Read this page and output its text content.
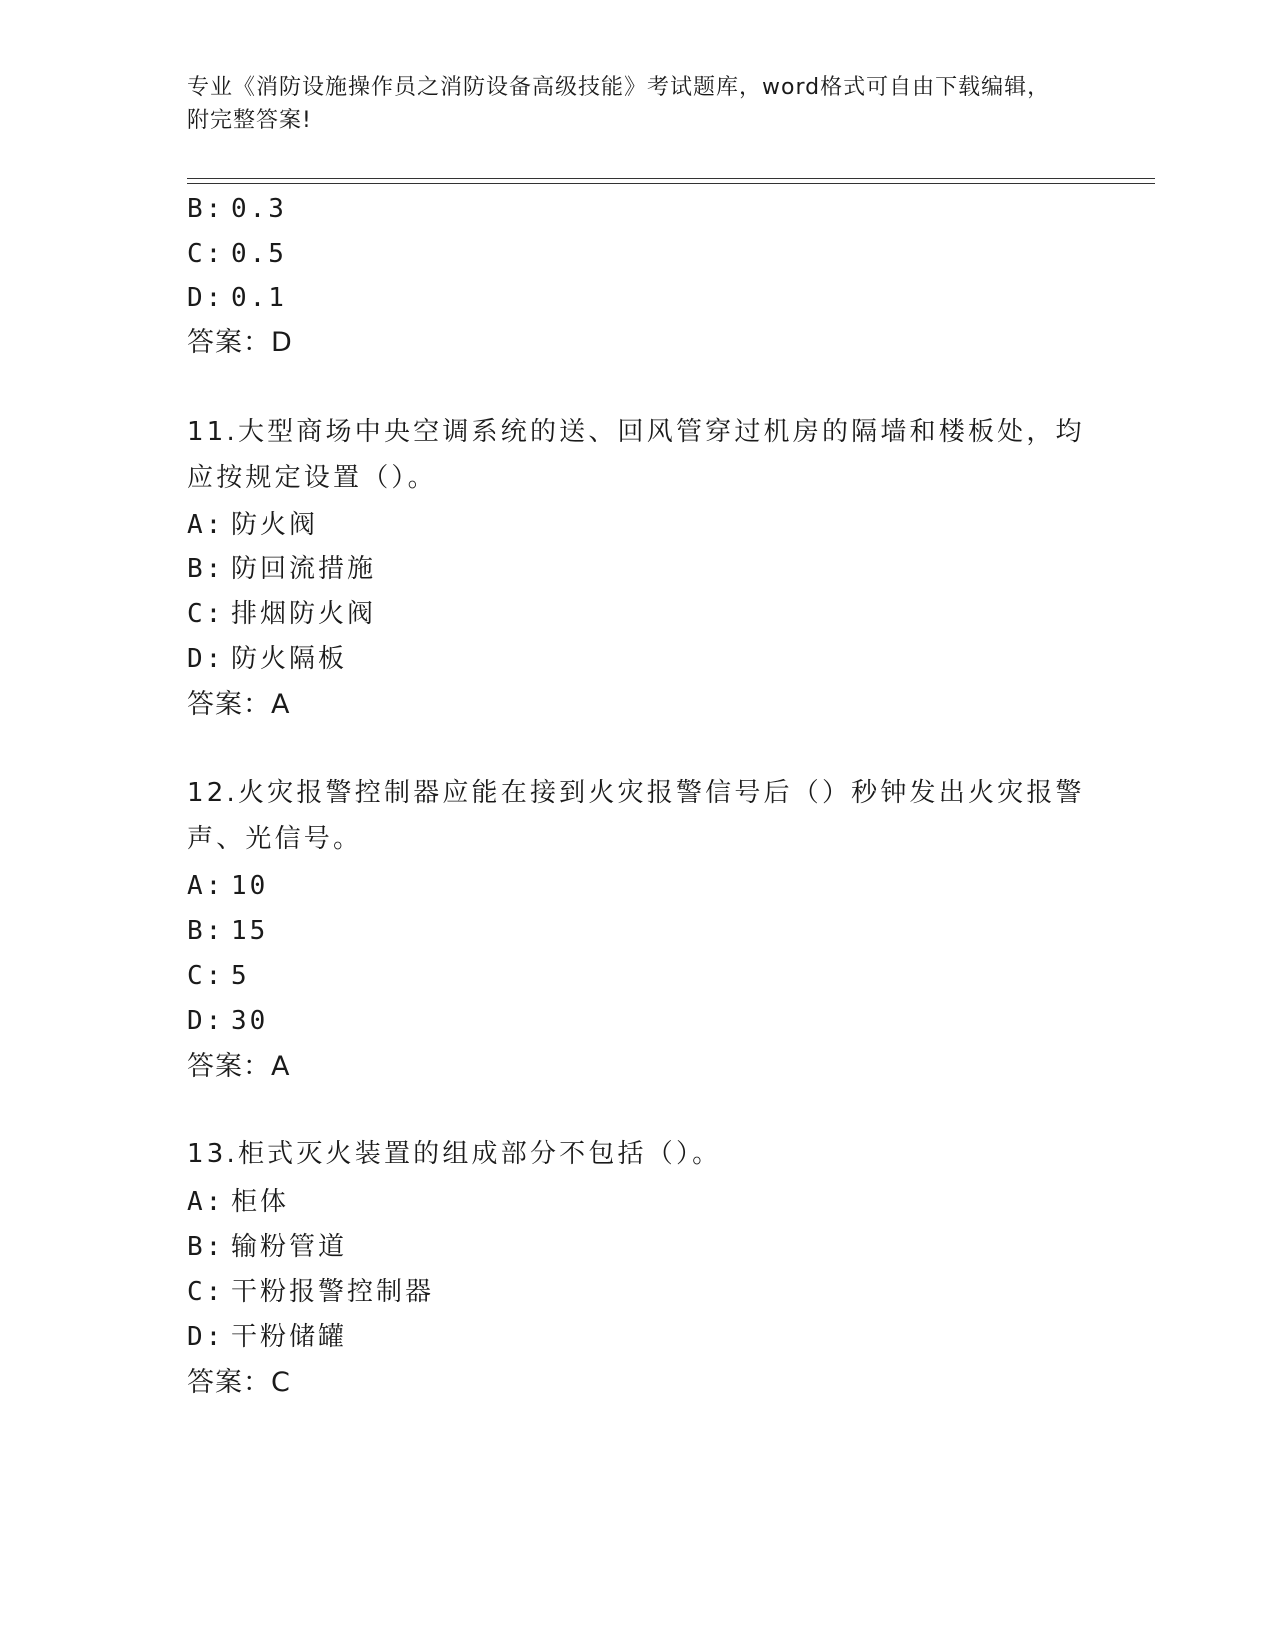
专业《消防设施操作员之消防设备高级技能》考试题库，word格式可自由下载编辑，附完整答案!
B: 0.3
C: 0.5
D: 0.1
答案：D
11.大型商场中央空调系统的送、回风管穿过机房的隔墙和楼板处，均应按规定设置（）。
A: 防火阀
B: 防回流措施
C: 排烟防火阀
D: 防火隔板
答案：A
12.火灾报警控制器应能在接到火灾报警信号后（）秒钟发出火灾报警声、光信号。
A: 10
B: 15
C: 5
D: 30
答案：A
13.柜式灭火装置的组成部分不包括（）。
A: 柜体
B: 输粉管道
C: 干粉报警控制器
D: 干粉储罐
答案：C
